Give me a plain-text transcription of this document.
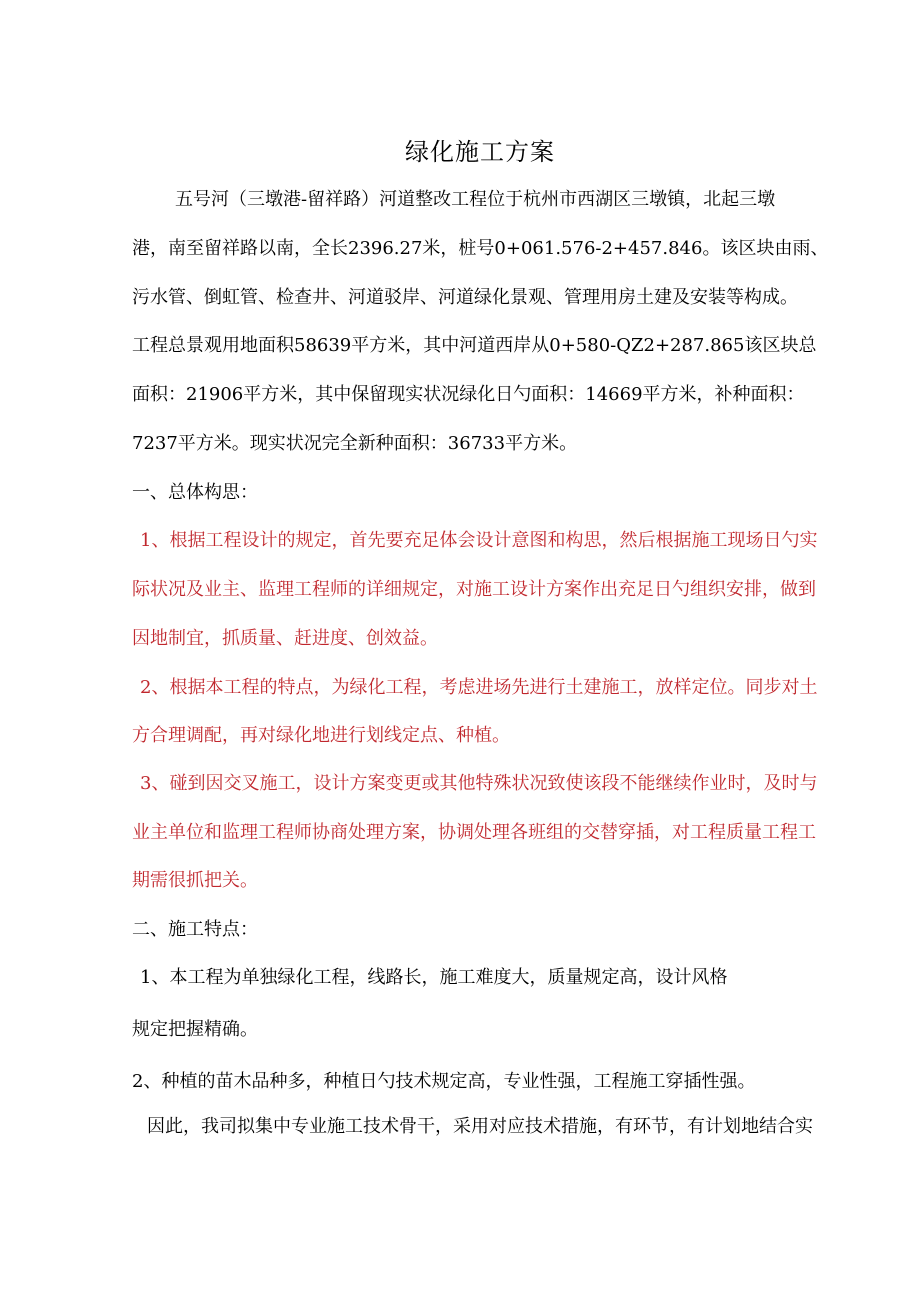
绿化施工方案
五号河（三墩港-留祥路）河道整改工程位于杭州市西湖区三墩镇，北起三墩
港，南至留祥路以南，全长2396.27米，桩号0+061.576-2+457.846。该区块由雨、
污水管、倒虹管、检查井、河道驳岸、河道绿化景观、管理用房土建及安装等构成。
工程总景观用地面积58639平方米，其中河道西岸从0+580-QZ2+287.865该区块总
面积：21906平方米，其中保留现实状况绿化日勺面积：14669平方米，补种面积：
7237平方米。现实状况完全新种面积：36733平方米。
一、总体构思：
1、根据工程设计的规定，首先要充足体会设计意图和构思，然后根据施工现场日勺实
际状况及业主、监理工程师的详细规定，对施工设计方案作出充足日勺组织安排，做到
因地制宜，抓质量、赶进度、创效益。
2、根据本工程的特点，为绿化工程，考虑进场先进行土建施工，放样定位。同步对土
方合理调配，再对绿化地进行划线定点、种植。
3、碰到因交叉施工，设计方案变更或其他特殊状况致使该段不能继续作业时，及时与
业主单位和监理工程师协商处理方案，协调处理各班组的交替穿插，对工程质量工程工
期需很抓把关。
二、施工特点：
1、本工程为单独绿化工程，线路长，施工难度大，质量规定高，设计风格
规定把握精确。
2、种植的苗木品种多，种植日勺技术规定高，专业性强，工程施工穿插性强。
因此，我司拟集中专业施工技术骨干，采用对应技术措施，有环节，有计划地结合实
